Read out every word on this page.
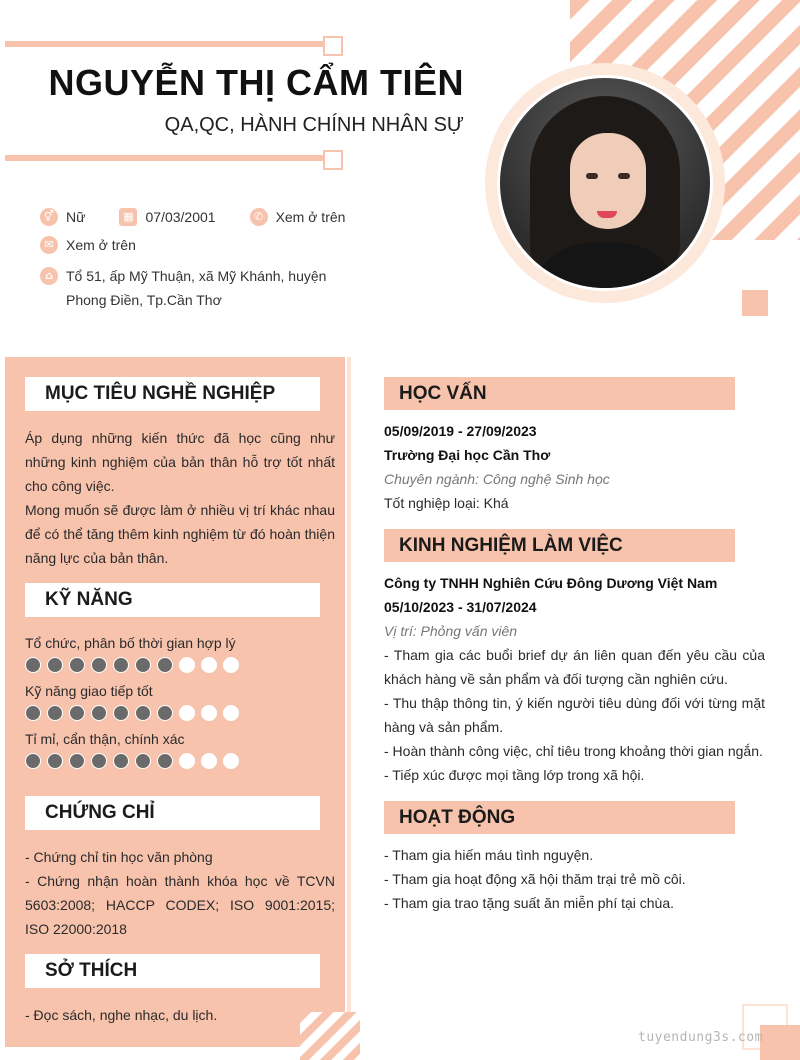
NGUYỄN THỊ CẨM TIÊN
QA,QC, HÀNH CHÍNH NHÂN SỰ
⚥ Nữ	▦ 07/03/2001	✆ Xem ở trên
✉ Xem ở trên
⌂ Tổ 51, ấp Mỹ Thuận, xã Mỹ Khánh, huyện Phong Điền, Tp.Cần Thơ
MỤC TIÊU NGHỀ NGHIỆP
Áp dụng những kiến thức đã học cũng như những kinh nghiệm của bản thân hỗ trợ tốt nhất cho công việc.
Mong muốn sẽ được làm ở nhiều vị trí khác nhau để có thể tăng thêm kinh nghiệm từ đó hoàn thiện năng lực của bản thân.
KỸ NĂNG
Tổ chức, phân bố thời gian hợp lý
Kỹ năng giao tiếp tốt
Tỉ mỉ, cẩn thận, chính xác
CHỨNG CHỈ
- Chứng chỉ tin học văn phòng
- Chứng nhận hoàn thành khóa học về TCVN 5603:2008; HACCP CODEX; ISO 9001:2015; ISO 22000:2018
SỞ THÍCH
- Đọc sách, nghe nhạc, du lịch.
HỌC VẤN
05/09/2019 - 27/09/2023
Trường Đại học Cần Thơ
Chuyên ngành: Công nghệ Sinh học
Tốt nghiệp loại: Khá
KINH NGHIỆM LÀM VIỆC
Công ty TNHH Nghiên Cứu Đông Dương Việt Nam
05/10/2023 - 31/07/2024
Vị trí: Phỏng vấn viên
- Tham gia các buổi brief dự án liên quan đến yêu cầu của khách hàng về sản phẩm và đối tượng cần nghiên cứu.
- Thu thập thông tin, ý kiến người tiêu dùng đối với từng mặt hàng và sản phẩm.
- Hoàn thành công việc, chỉ tiêu trong khoảng thời gian ngắn.
- Tiếp xúc được mọi tầng lớp trong xã hội.
HOẠT ĐỘNG
- Tham gia hiến máu tình nguyện.
- Tham gia hoạt động xã hội thăm trại trẻ mồ côi.
- Tham gia trao tặng suất ăn miễn phí tại chùa.
tuyendung3s.com
